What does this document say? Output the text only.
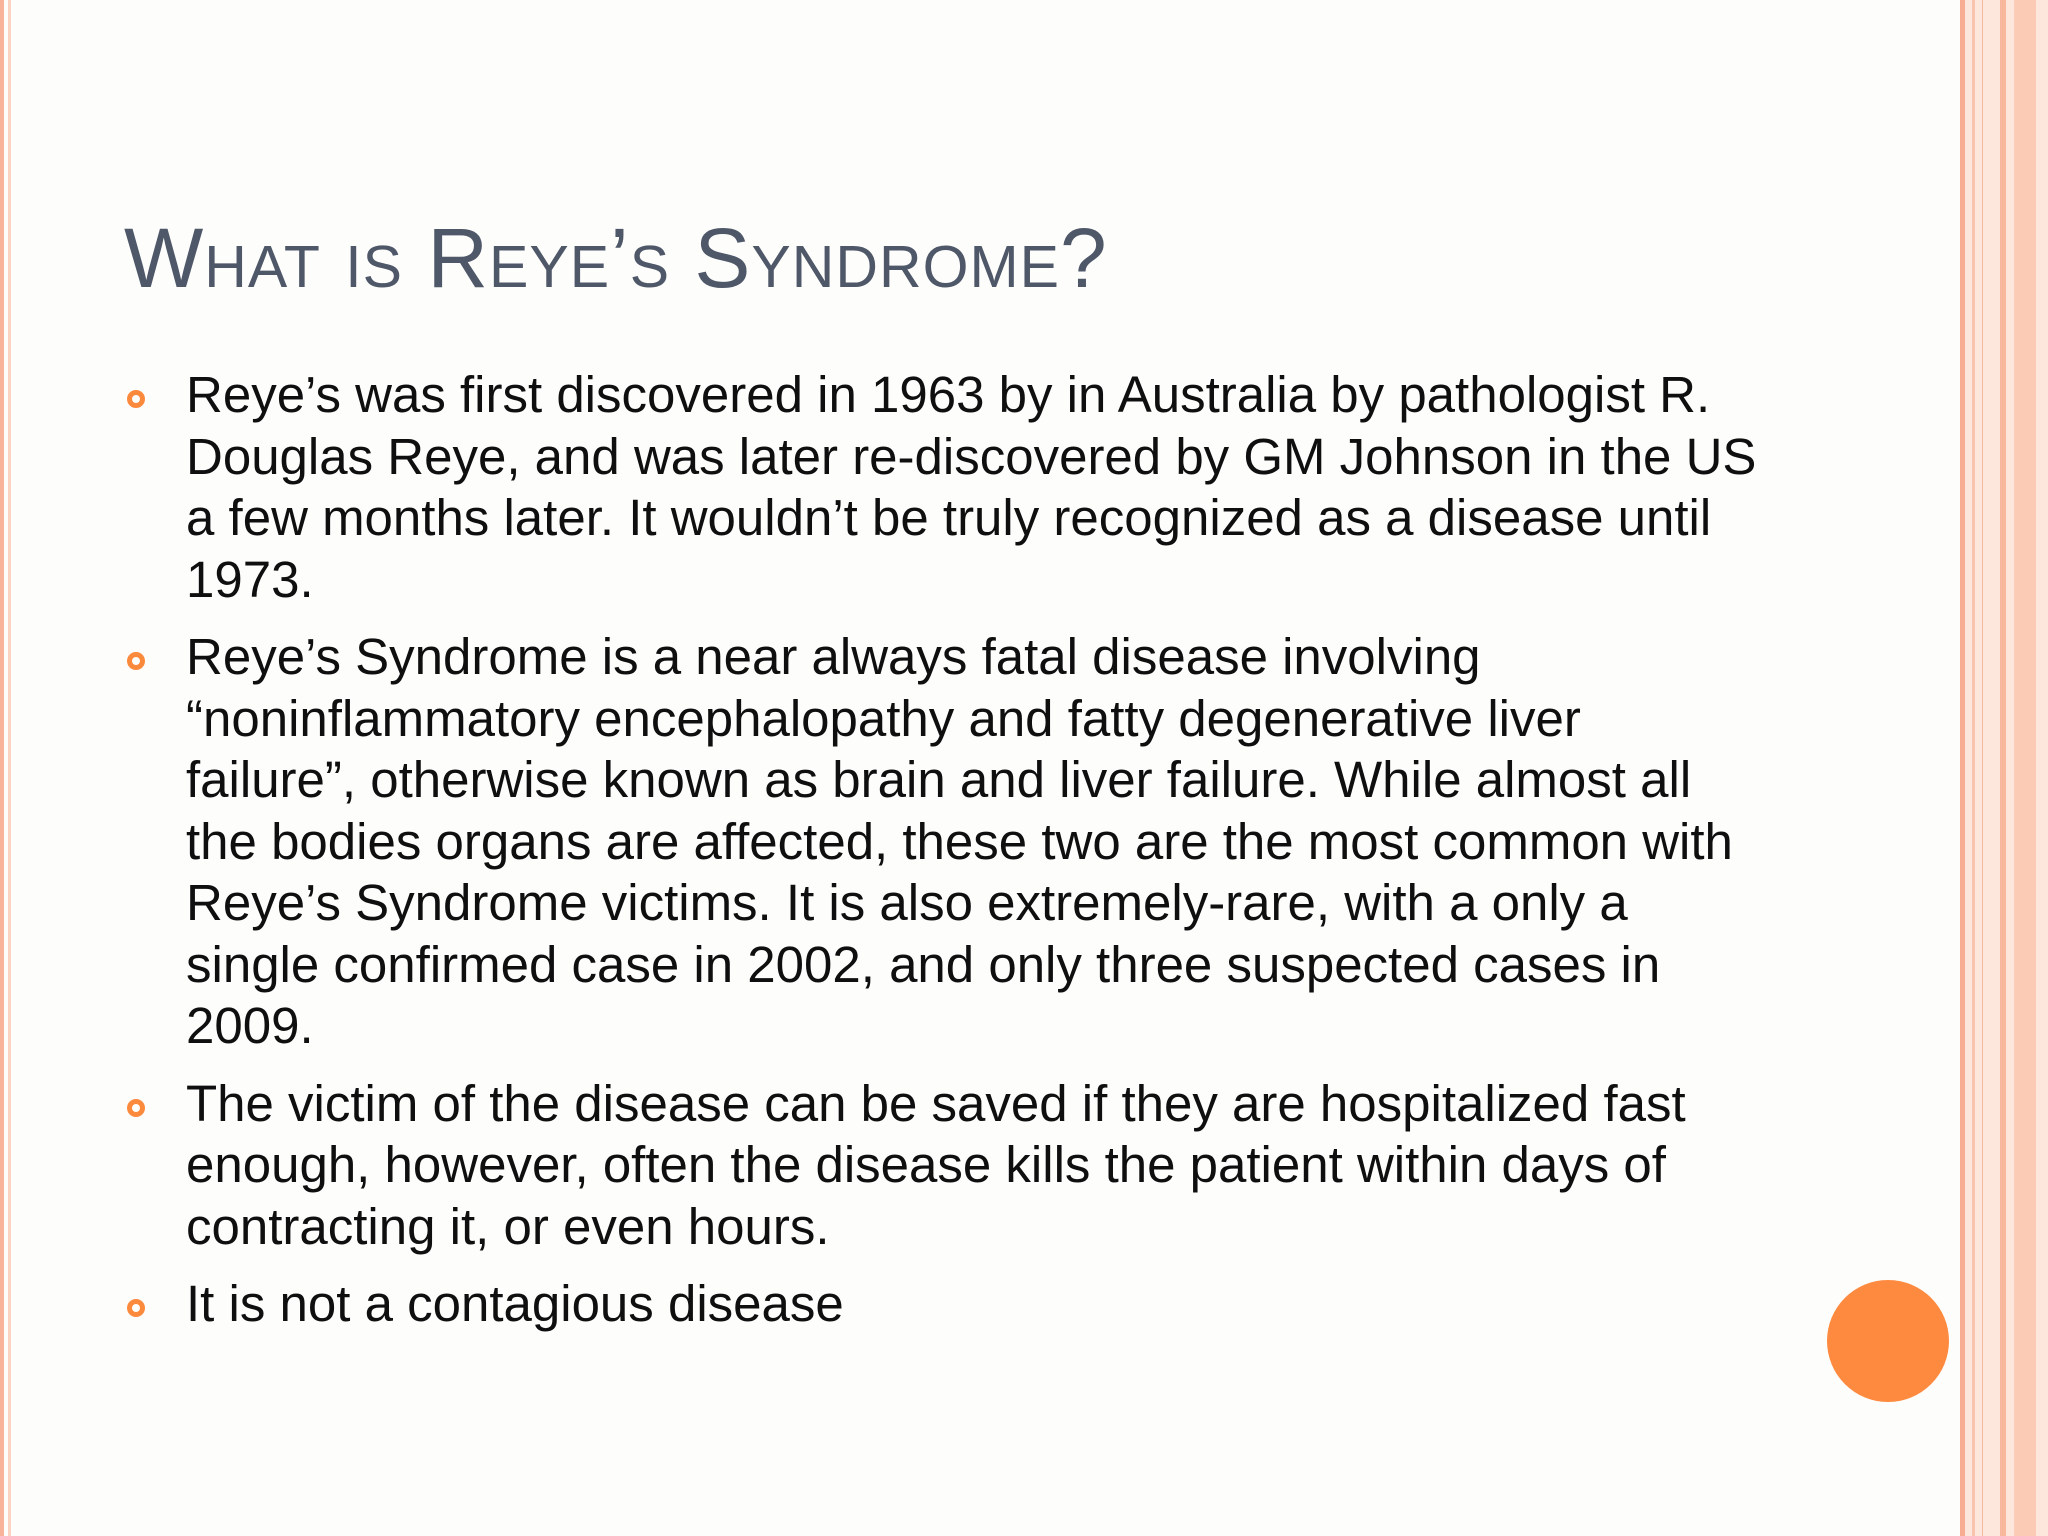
What is Reye’s Syndrome?
Reye’s was first discovered in 1963 by in Australia by pathologist R. Douglas Reye, and was later re-discovered by GM Johnson in the US a few months later. It wouldn’t be truly recognized as a disease until 1973.
Reye’s Syndrome is a near always fatal disease involving “noninflammatory encephalopathy and fatty degenerative liver failure”, otherwise known as brain and liver failure. While almost all the bodies organs are affected, these two are the most common with Reye’s Syndrome victims. It is also extremely-rare, with a only a single confirmed case in 2002, and only three suspected cases in 2009.
The victim of the disease can be saved if they are hospitalized fast enough, however, often the disease kills the patient within days of contracting it, or even hours.
It is not a contagious disease
